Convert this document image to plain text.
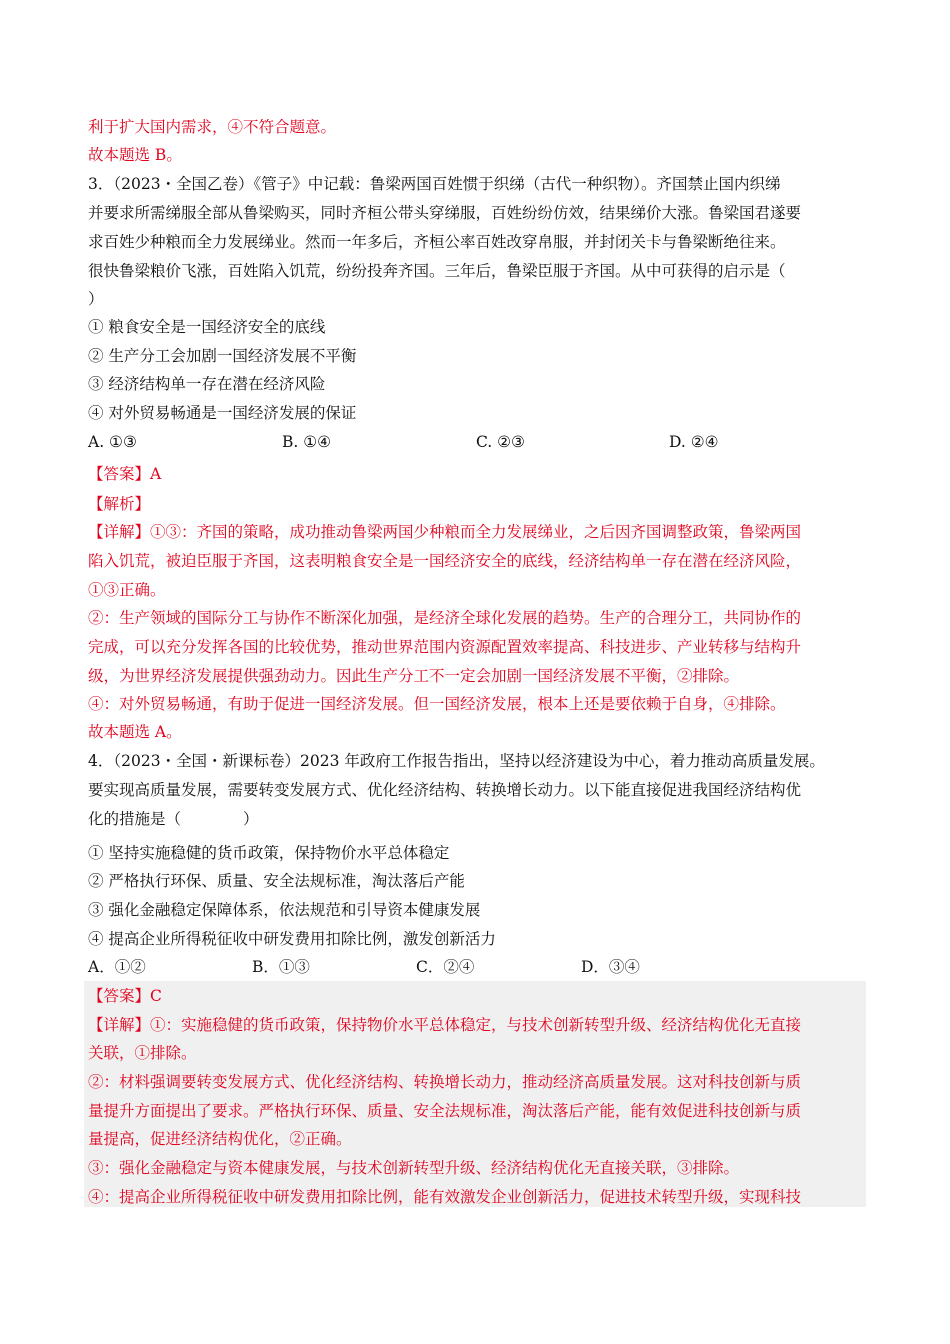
利于扩大国内需求，④不符合题意。
故本题选 B。
3．（2023・全国乙卷）《管子》中记载：鲁梁两国百姓惯于织绨（古代一种织物）。齐国禁止国内织绨
并要求所需绨服全部从鲁梁购买，同时齐桓公带头穿绨服，百姓纷纷仿效，结果绨价大涨。鲁梁国君遂要
求百姓少种粮而全力发展绨业。然而一年多后，齐桓公率百姓改穿帛服，并封闭关卡与鲁梁断绝往来。
很快鲁梁粮价飞涨，百姓陷入饥荒，纷纷投奔齐国。三年后，鲁梁臣服于齐国。从中可获得的启示是（
）
① 粮食安全是一国经济安全的底线
② 生产分工会加剧一国经济发展不平衡
③ 经济结构单一存在潜在经济风险
④ 对外贸易畅通是一国经济发展的保证
A. ①③	B. ①④	C. ②③	D. ②④
【答案】A
【解析】
【详解】①③：齐国的策略，成功推动鲁梁两国少种粮而全力发展绨业，之后因齐国调整政策，鲁梁两国
陷入饥荒，被迫臣服于齐国，这表明粮食安全是一国经济安全的底线，经济结构单一存在潜在经济风险，
①③正确。
②：生产领域的国际分工与协作不断深化加强，是经济全球化发展的趋势。生产的合理分工，共同协作的
完成，可以充分发挥各国的比较优势，推动世界范围内资源配置效率提高、科技进步、产业转移与结构升
级，为世界经济发展提供强劲动力。因此生产分工不一定会加剧一国经济发展不平衡，②排除。
④：对外贸易畅通，有助于促进一国经济发展。但一国经济发展，根本上还是要依赖于自身，④排除。
故本题选 A。
4．（2023・全国・新课标卷）2023 年政府工作报告指出，坚持以经济建设为中心，着力推动高质量发展。
要实现高质量发展，需要转变发展方式、优化经济结构、转换增长动力。以下能直接促进我国经济结构优
化的措施是（　　　　）
① 坚持实施稳健的货币政策，保持物价水平总体稳定
② 严格执行环保、质量、安全法规标准，淘汰落后产能
③ 强化金融稳定保障体系，依法规范和引导资本健康发展
④ 提高企业所得税征收中研发费用扣除比例，激发创新活力
A．①②	B．①③	C．②④	D．③④
【答案】C
【详解】①：实施稳健的货币政策，保持物价水平总体稳定，与技术创新转型升级、经济结构优化无直接
关联，①排除。
②：材料强调要转变发展方式、优化经济结构、转换增长动力，推动经济高质量发展。这对科技创新与质
量提升方面提出了要求。严格执行环保、质量、安全法规标准，淘汰落后产能，能有效促进科技创新与质
量提高，促进经济结构优化，②正确。
③：强化金融稳定与资本健康发展，与技术创新转型升级、经济结构优化无直接关联，③排除。
④：提高企业所得税征收中研发费用扣除比例，能有效激发企业创新活力，促进技术转型升级，实现科技
